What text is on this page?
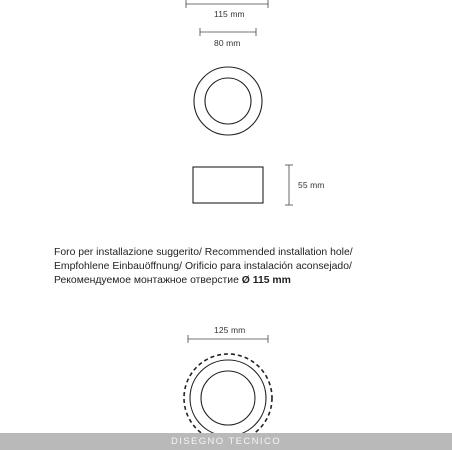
115 mm
80 mm
55 mm
125 mm
Foro per installazione suggerito/ Recommended installation hole/
Empfohlene Einbauöffnung/ Orificio para instalación aconsejado/
Рекомендуемое монтажное отверстие Ø 115 mm
DISEGNO TECNICO
